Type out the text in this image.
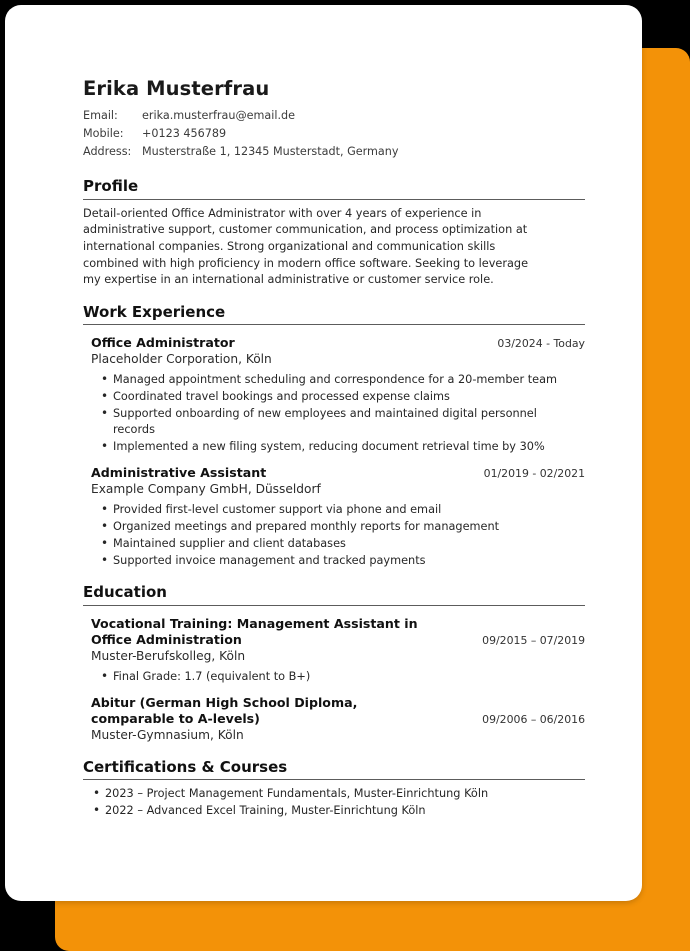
Erika Musterfrau
Email:	erika.musterfrau@email.de
Mobile:	+0123 456789
Address:	Musterstraße 1, 12345 Musterstadt, Germany
Profile

Detail-oriented Office Administrator with over 4 years of experience in administrative support, customer communication, and process optimization at international companies. Strong organizational and communication skills combined with high proficiency in modern office software. Seeking to leverage my expertise in an international administrative or customer service role.

Work Experience
Office Administrator
Placeholder Corporation, Köln
03/2024 - Today
• Managed appointment scheduling and correspondence for a 20-member team
• Coordinated travel bookings and processed expense claims
• Supported onboarding of new employees and maintained digital personnel records
• Implemented a new filing system, reducing document retrieval time by 30%
Administrative Assistant
Example Company GmbH, Düsseldorf
01/2019 - 02/2021
• Provided first-level customer support via phone and email
• Organized meetings and prepared monthly reports for management
• Maintained supplier and client databases
• Supported invoice management and tracked payments
Education
Vocational Training: Management Assistant in Office Administration
Muster-Berufskolleg, Köln
09/2015 – 07/2019
• Final Grade: 1.7 (equivalent to B+)
Abitur (German High School Diploma, comparable to A-levels)
Muster-Gymnasium, Köln
09/2006 – 06/2016
Certifications & Courses
• 2023 – Project Management Fundamentals, Muster-Einrichtung Köln
• 2022 – Advanced Excel Training, Muster-Einrichtung Köln
